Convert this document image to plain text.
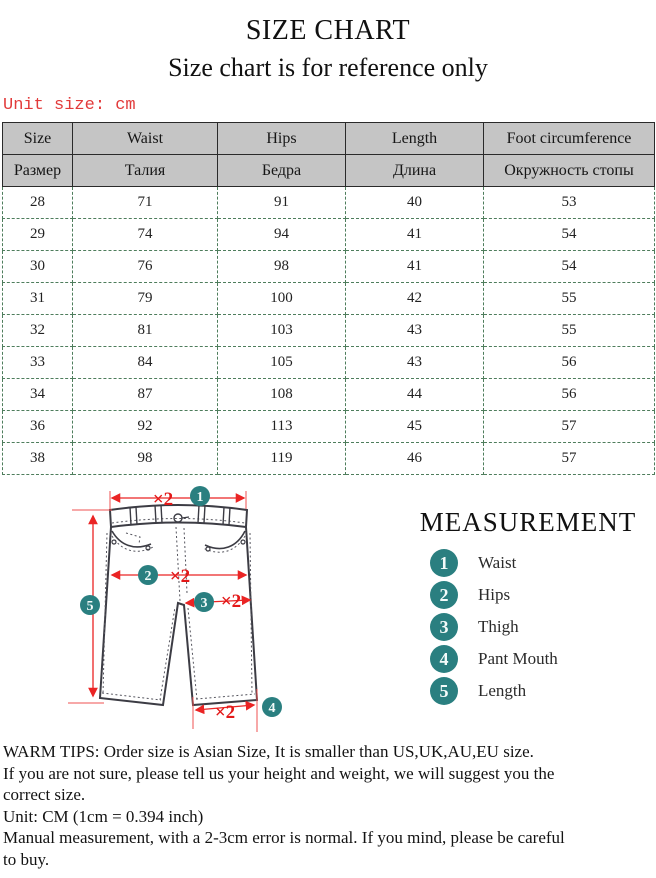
SIZE CHART
Size chart is for reference only
Unit size: cm
Size	Waist	Hips	Length	Foot circumference
Размер	Талия	Бедра	Длина	Окружность стопы
28	71	91	40	53
29	74	94	41	54
30	76	98	41	54
31	79	100	42	55
32	81	103	43	55
33	84	105	43	56
34	87	108	44	56
36	92	113	45	57
38	98	119	46	57
×2 1
5
2 ×2
3 ×2
×2 4
MEASUREMENT
1	Waist
2	Hips
3	Thigh
4	Pant Mouth
5	Length
WARM TIPS: Order size is Asian Size, It is smaller than US,UK,AU,EU size.
If you are not sure, please tell us your height and weight, we will suggest you the
correct size.
Unit: CM (1cm = 0.394 inch)
Manual measurement, with a 2-3cm error is normal. If you mind, please be careful
to buy.
